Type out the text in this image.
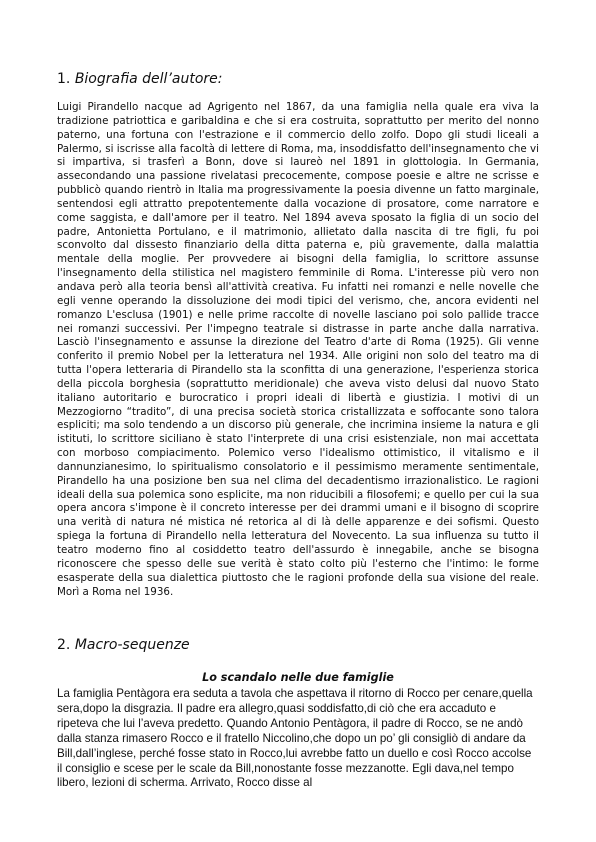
1. Biografia dell’autore:

Luigi Pirandello nacque ad Agrigento nel 1867, da una famiglia nella quale era viva la tradizione patriottica e garibaldina e che si era costruita, soprattutto per merito del nonno paterno, una fortuna con l'estrazione e il commercio dello zolfo. Dopo gli studi liceali a Palermo, si iscrisse alla facoltà di lettere di Roma, ma, insoddisfatto dell'insegnamento che vi si impartiva, si trasferì a Bonn, dove si laureò nel 1891 in glottologia. In Germania, assecondando una passione rivelatasi precocemente, compose poesie e altre ne scrisse e pubblicò quando rientrò in Italia ma progressivamente la poesia divenne un fatto marginale, sentendosi egli attratto prepotentemente dalla vocazione di prosatore, come narratore e come saggista, e dall'amore per il teatro. Nel 1894 aveva sposato la figlia di un socio del padre, Antonietta Portulano, e il matrimonio, allietato dalla nascita di tre figli, fu poi sconvolto dal dissesto finanziario della ditta paterna e, più gravemente, dalla malattia mentale della moglie. Per provvedere ai bisogni della famiglia, lo scrittore assunse l'insegnamento della stilistica nel magistero femminile di Roma. L'interesse più vero non andava però alla teoria bensì all'attività creativa. Fu infatti nei romanzi e nelle novelle che egli venne operando la dissoluzione dei modi tipici del verismo, che, ancora evidenti nel romanzo L'esclusa (1901) e nelle prime raccolte di novelle lasciano poi solo pallide tracce nei romanzi successivi. Per l'impegno teatrale si distrasse in parte anche dalla narrativa. Lasciò l'insegnamento e assunse la direzione del Teatro d'arte di Roma (1925). Gli venne conferito il premio Nobel per la letteratura nel 1934. Alle origini non solo del teatro ma di tutta l'opera letteraria di Pirandello sta la sconfitta di una generazione, l'esperienza storica della piccola borghesia (soprattutto meridionale) che aveva visto delusi dal nuovo Stato italiano autoritario e burocratico i propri ideali di libertà e giustizia. I motivi di un Mezzogiorno “tradito”, di una precisa società storica cristallizzata e soffocante sono talora espliciti; ma solo tendendo a un discorso più generale, che incrimina insieme la natura e gli istituti, lo scrittore siciliano è stato l'interprete di una crisi esistenziale, non mai accettata con morboso compiacimento. Polemico verso l'idealismo ottimistico, il vitalismo e il dannunzianesimo, lo spiritualismo consolatorio e il pessimismo meramente sentimentale, Pirandello ha una posizione ben sua nel clima del decadentismo irrazionalistico. Le ragioni ideali della sua polemica sono esplicite, ma non riducibili a filosofemi; e quello per cui la sua opera ancora s'impone è il concreto interesse per dei drammi umani e il bisogno di scoprire una verità di natura né mistica né retorica al di là delle apparenze e dei sofismi. Questo spiega la fortuna di Pirandello nella letteratura del Novecento. La sua influenza su tutto il teatro moderno fino al cosiddetto teatro dell'assurdo è innegabile, anche se bisogna riconoscere che spesso delle sue verità è stato colto più l'esterno che l'intimo: le forme esasperate della sua dialettica piuttosto che le ragioni profonde della sua visione del reale. Morì a Roma nel 1936.

2. Macro-sequenze
Lo scandalo nelle due famiglie

La famiglia Pentàgora era seduta a tavola che aspettava il ritorno di Rocco per cenare,quella sera,dopo la disgrazia. Il padre era allegro,quasi soddisfatto,di ciò che era accaduto e ripeteva che lui l’aveva predetto. Quando Antonio Pentàgora, il padre di Rocco, se ne andò dalla stanza rimasero Rocco e il fratello Niccolino,che dopo un po’ gli consigliò di andare da Bill,dall’inglese, perché fosse stato in Rocco,lui avrebbe fatto un duello e così Rocco accolse il consiglio e scese per le scale da Bill,nonostante fosse mezzanotte. Egli dava,nel tempo libero, lezioni di scherma. Arrivato, Rocco disse al
